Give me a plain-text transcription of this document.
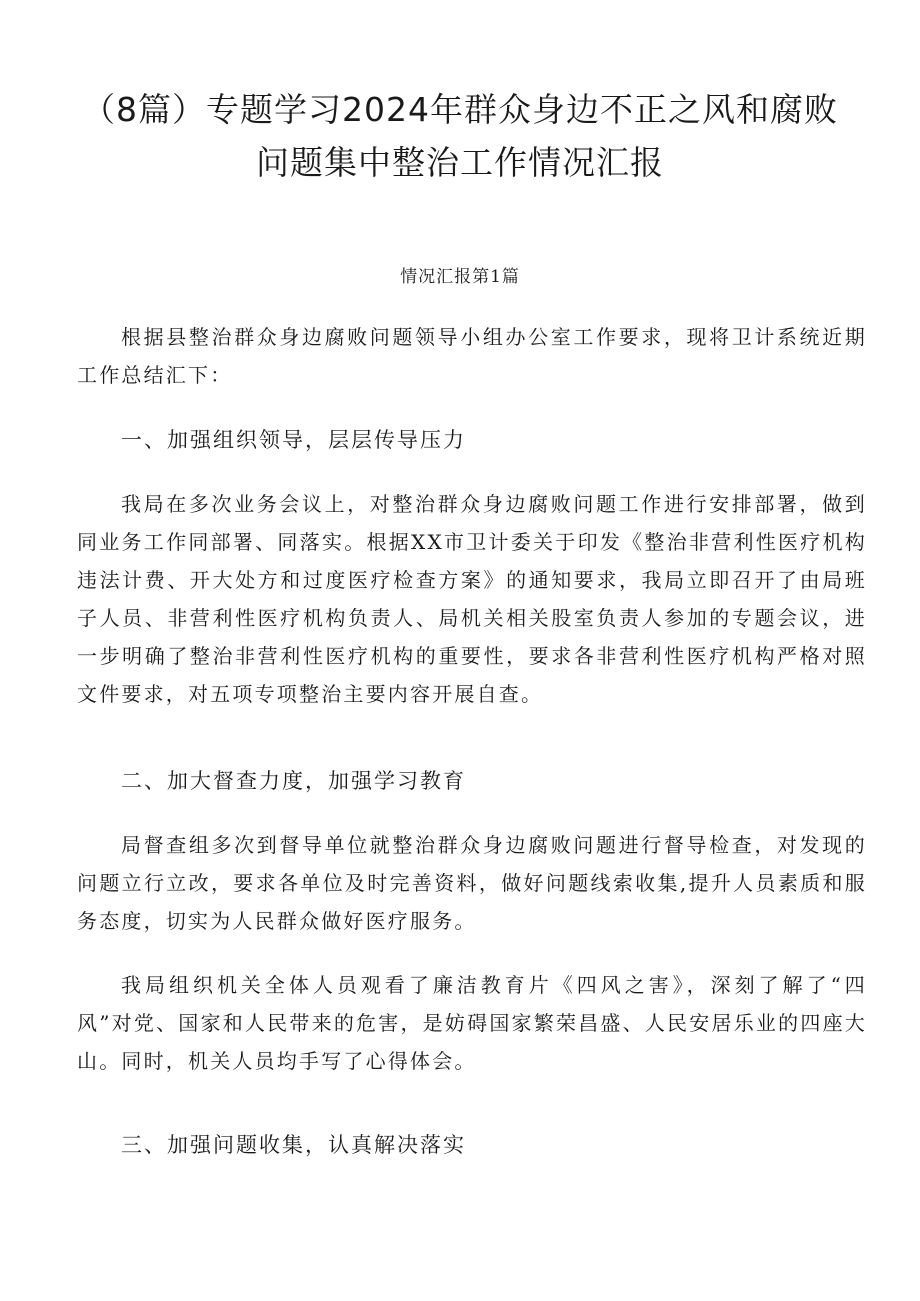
（8篇）专题学习2024年群众身边不正之风和腐败
问题集中整治工作情况汇报
情况汇报第1篇

根据县整治群众身边腐败问题领导小组办公室工作要求，现将卫计系统近期工作总结汇下：

一、加强组织领导，层层传导压力

我局在多次业务会议上，对整治群众身边腐败问题工作进行安排部署，做到同业务工作同部署、同落实。根据XX市卫计委关于印发《整治非营利性医疗机构违法计费、开大处方和过度医疗检查方案》的通知要求，我局立即召开了由局班子人员、非营利性医疗机构负责人、局机关相关股室负责人参加的专题会议，进一步明确了整治非营利性医疗机构的重要性，要求各非营利性医疗机构严格对照文件要求，对五项专项整治主要内容开展自查。

二、加大督查力度，加强学习教育

局督查组多次到督导单位就整治群众身边腐败问题进行督导检查，对发现的问题立行立改，要求各单位及时完善资料，做好问题线索收集,提升人员素质和服务态度，切实为人民群众做好医疗服务。

我局组织机关全体人员观看了廉洁教育片《四风之害》，深刻了解了“四风”对党、国家和人民带来的危害，是妨碍国家繁荣昌盛、人民安居乐业的四座大山。同时，机关人员均手写了心得体会。

三、加强问题收集，认真解决落实
